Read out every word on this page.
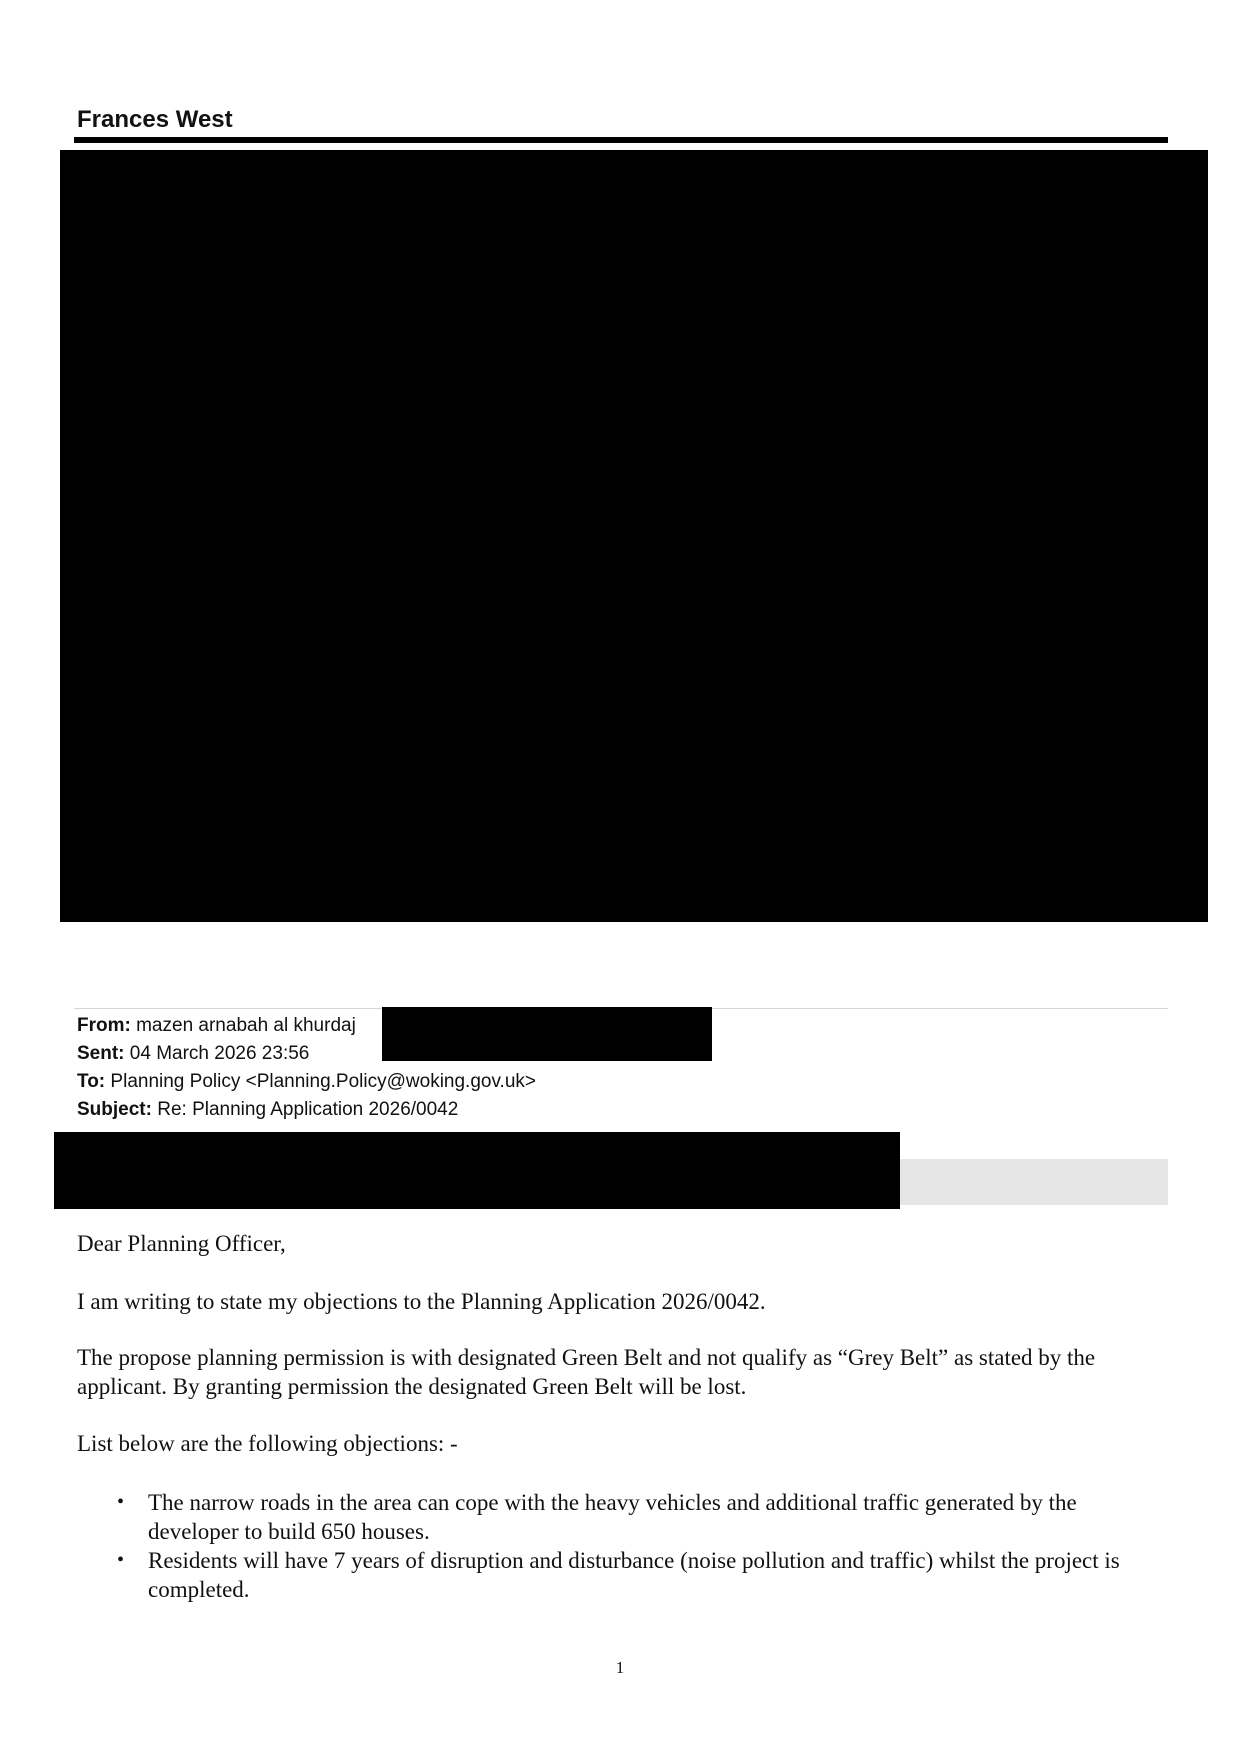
Frances West
From: mazen arnabah al khurdaj
Sent: 04 March 2026 23:56
To: Planning Policy <Planning.Policy@woking.gov.uk>
Subject: Re: Planning Application 2026/0042
Dear Planning Officer,
I am writing to state my objections to the Planning Application 2026/0042.
The propose planning permission is with designated Green Belt and not qualify as “Grey Belt” as stated by the applicant. By granting permission the designated Green Belt will be lost.
List below are the following objections: -
• The narrow roads in the area can cope with the heavy vehicles and additional traffic generated by the developer to build 650 houses.
• Residents will have 7 years of disruption and disturbance (noise pollution and traffic) whilst the project is completed.
1
